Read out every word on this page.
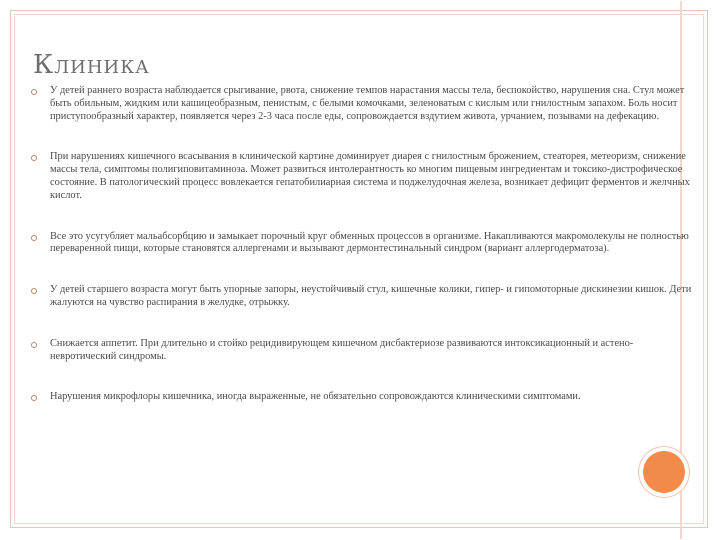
Клиника
У детей раннего возраста наблюдается срыгивание, рвота, снижение темпов нарастания массы тела, беспокойство, нарушения сна. Стул может быть обильным, жидким или кашицеобразным, пенистым, с белыми комочками, зеленоватым с кислым или гнилостным запахом. Боль носит приступообразный характер, появляется через 2-3 часа после еды, сопровождается вздутием живота, урчанием, позывами на дефекацию.
При нарушениях кишечного всасывания в клинической картине доминирует диарея с гнилостным брожением, стеаторея, метеоризм, снижение массы тела, симптомы полигиповитаминоза. Может развиться интолерантность ко многим пищевым ингредиентам и токсико-дистрофическое состояние. В патологический процесс вовлекается гепатобилиарная система и поджелудочная железа, возникает дефицит ферментов и желчных кислот.
Все это усугубляет мальабсорбцию и замыкает порочный круг обменных процессов в организме. Накапливаются макромолекулы не полностью переваренной пищи, которые становятся аллергенами и вызывают дермонтестинальный синдром (вариант аллергодерматоза).
У детей старшего возраста могут быть упорные запоры, неустойчивый стул, кишечные колики, гипер- и гипомоторные дискинезии кишок. Дети жалуются на чувство распирания в желудке, отрыжку.
Снижается аппетит. При длительно и стойко рецидивирующем кишечном дисбактериозе развиваются интоксикационный и астено-невротический синдромы.
Нарушения микрофлоры кишечника, иногда выраженные, не обязательно сопровождаются клиническими симптомами.
